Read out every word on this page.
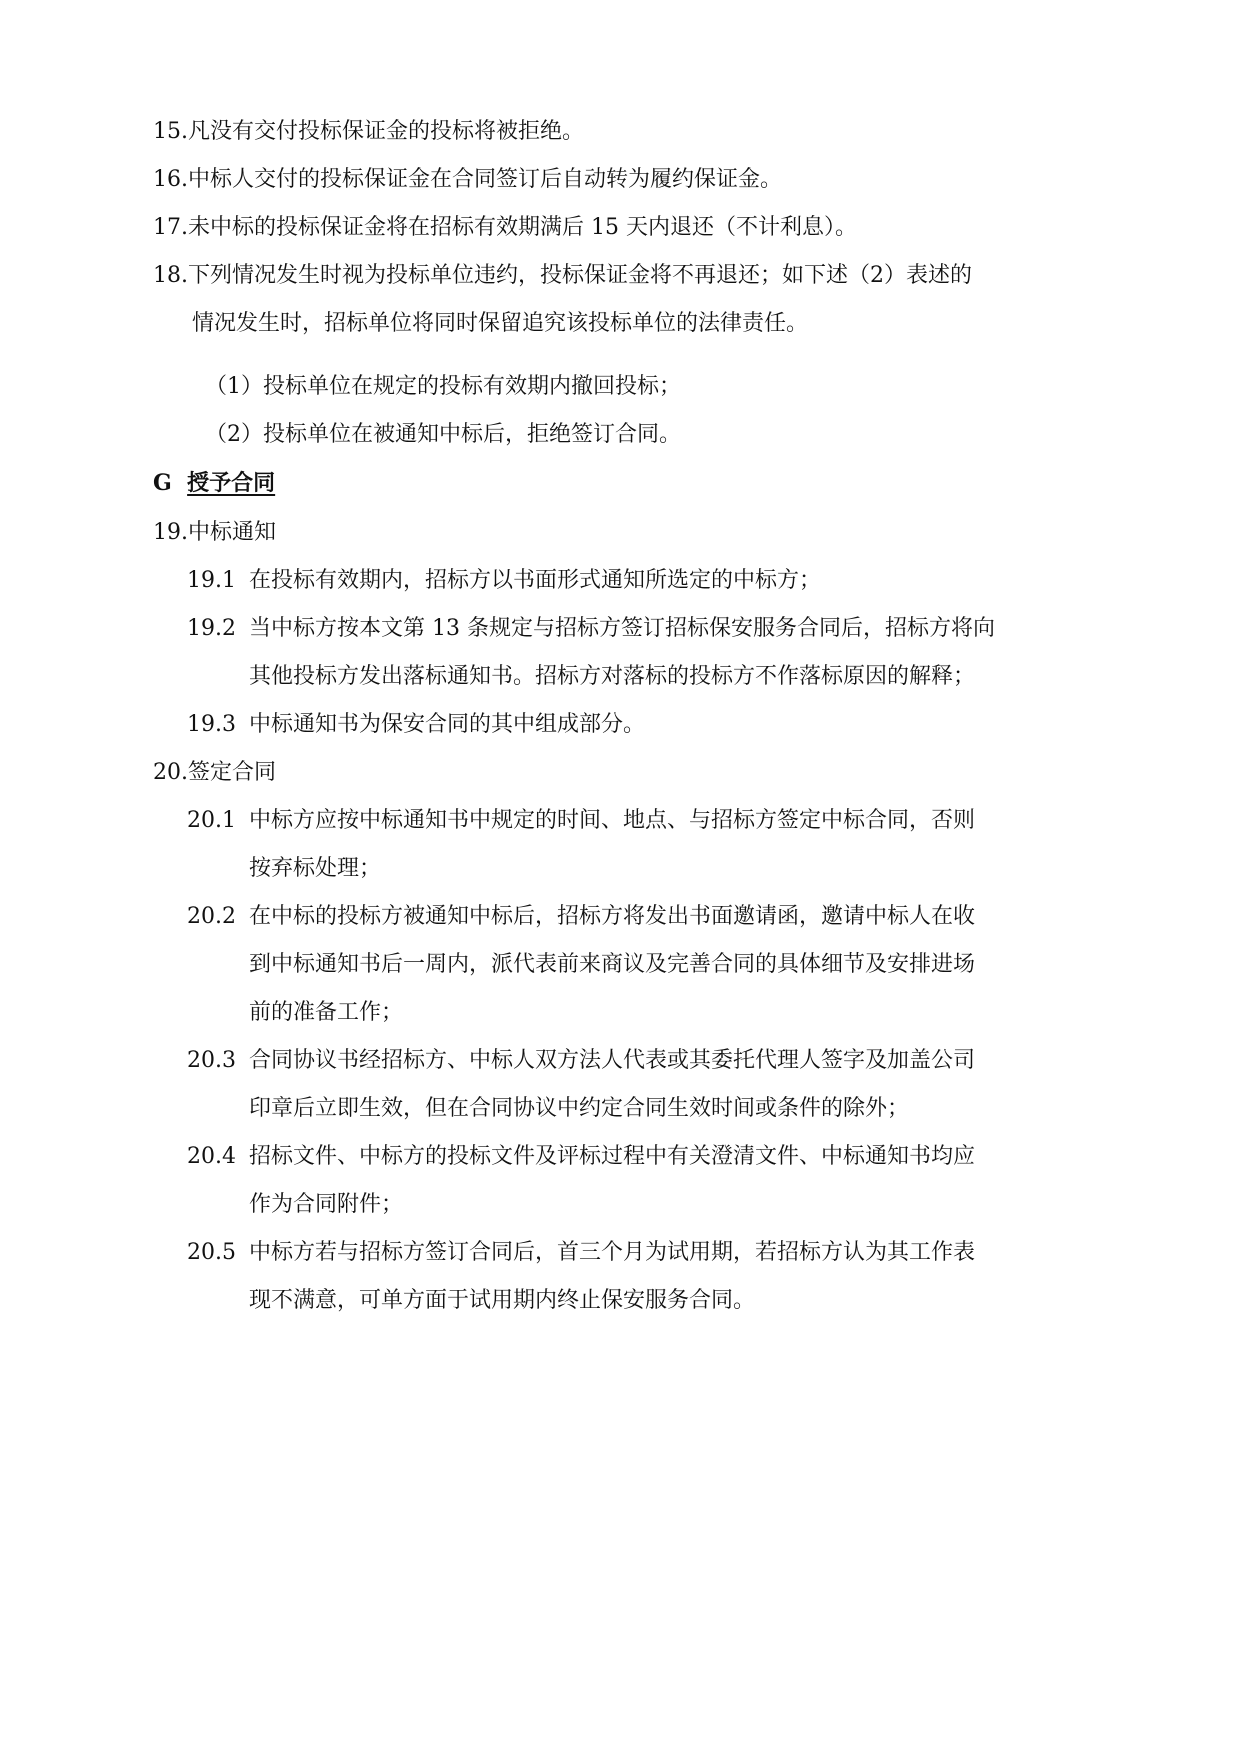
15.凡没有交付投标保证金的投标将被拒绝。
16.中标人交付的投标保证金在合同签订后自动转为履约保证金。
17.未中标的投标保证金将在招标有效期满后 15 天内退还（不计利息）。
18.下列情况发生时视为投标单位违约，投标保证金将不再退还；如下述（2）表述的
情况发生时，招标单位将同时保留追究该投标单位的法律责任。
（1）投标单位在规定的投标有效期内撤回投标；
（2）投标单位在被通知中标后，拒绝签订合同。
G 授予合同
19.中标通知
19.1 在投标有效期内，招标方以书面形式通知所选定的中标方；
19.2 当中标方按本文第 13 条规定与招标方签订招标保安服务合同后，招标方将向
其他投标方发出落标通知书。招标方对落标的投标方不作落标原因的解释；
19.3 中标通知书为保安合同的其中组成部分。
20.签定合同
20.1 中标方应按中标通知书中规定的时间、地点、与招标方签定中标合同，否则
按弃标处理；
20.2 在中标的投标方被通知中标后，招标方将发出书面邀请函，邀请中标人在收
到中标通知书后一周内，派代表前来商议及完善合同的具体细节及安排进场
前的准备工作；
20.3 合同协议书经招标方、中标人双方法人代表或其委托代理人签字及加盖公司
印章后立即生效，但在合同协议中约定合同生效时间或条件的除外；
20.4 招标文件、中标方的投标文件及评标过程中有关澄清文件、中标通知书均应
作为合同附件；
20.5 中标方若与招标方签订合同后，首三个月为试用期，若招标方认为其工作表
现不满意，可单方面于试用期内终止保安服务合同。
